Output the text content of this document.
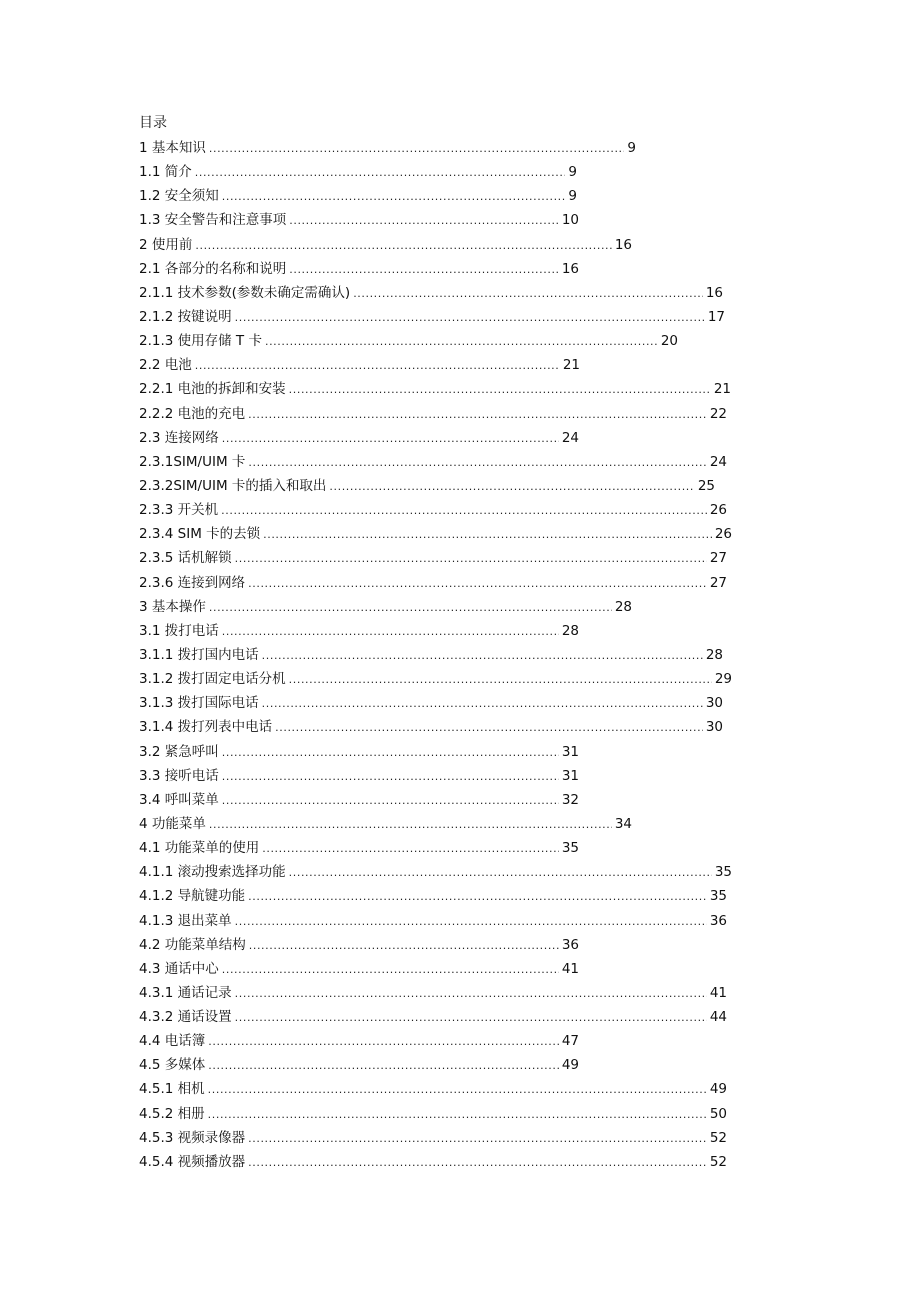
目录
1 基本知识 .....	9
1.1 简介 .....	9
1.2 安全须知 .....	9
1.3 安全警告和注意事项 .....	10
2 使用前 .....	16
2.1 各部分的名称和说明 .....	16
2.1.1 技术参数(参数未确定需确认) .....	16
2.1.2 按键说明 .....	17
2.1.3 使用存储 T 卡 .....	20
2.2 电池 .....	21
2.2.1 电池的拆卸和安装 .....	21
2.2.2 电池的充电 .....	22
2.3 连接网络 .....	24
2.3.1SIM/UIM 卡 .....	24
2.3.2SIM/UIM 卡的插入和取出 .....	25
2.3.3 开关机 .....	26
2.3.4 SIM 卡的去锁 .....	26
2.3.5 话机解锁 .....	27
2.3.6 连接到网络 .....	27
3 基本操作 .....	28
3.1 拨打电话 .....	28
3.1.1 拨打国内电话 .....	28
3.1.2 拨打固定电话分机 .....	29
3.1.3 拨打国际电话 .....	30
3.1.4 拨打列表中电话 .....	30
3.2 紧急呼叫 .....	31
3.3 接听电话 .....	31
3.4 呼叫菜单 .....	32
4 功能菜单 .....	34
4.1 功能菜单的使用 .....	35
4.1.1 滚动搜索选择功能 .....	35
4.1.2 导航键功能 .....	35
4.1.3 退出菜单 .....	36
4.2 功能菜单结构 .....	36
4.3 通话中心 .....	41
4.3.1 通话记录 .....	41
4.3.2 通话设置 .....	44
4.4 电话簿 .....	47
4.5 多媒体 .....	49
4.5.1 相机 .....	49
4.5.2 相册 .....	50
4.5.3 视频录像器 .....	52
4.5.4 视频播放器 .....	52
